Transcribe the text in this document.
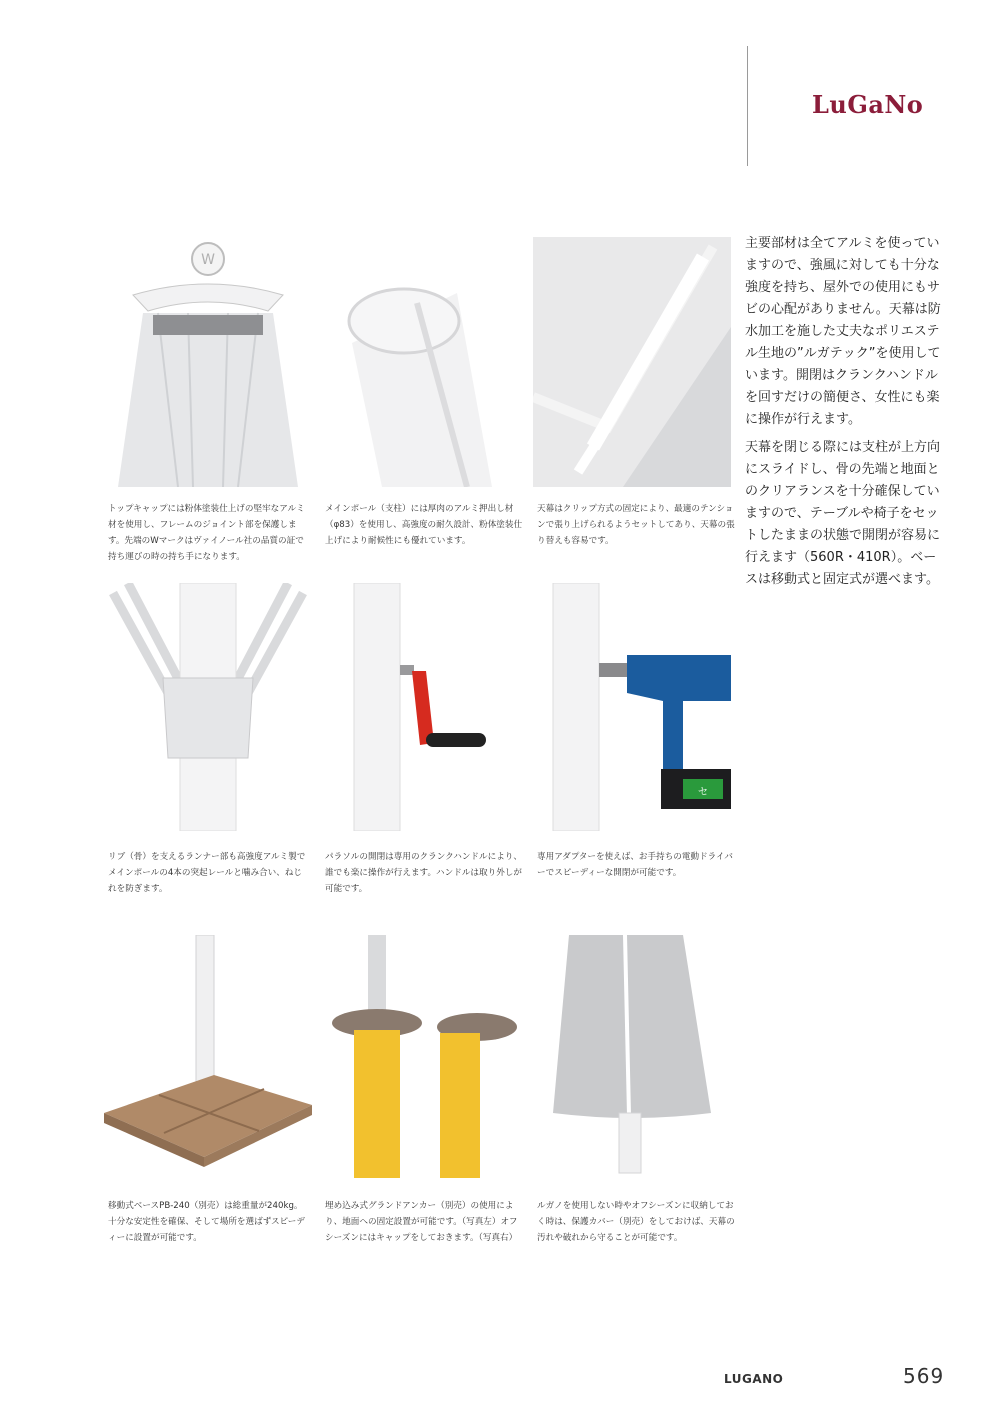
LuGaNo

主要部材は全てアルミを使っていますので、強風に対しても十分な強度を持ち、屋外での使用にもサビの心配がありません。天幕は防水加工を施した丈夫なポリエステル生地の”ルガテック”を使用しています。開閉はクランクハンドルを回すだけの簡便さ、女性にも楽に操作が行えます。

天幕を閉じる際には支柱が上方向にスライドし、骨の先端と地面とのクリアランスを十分確保していますので、テーブルや椅子をセットしたままの状態で開閉が容易に行えます（560R・410R）。ベースは移動式と固定式が選べます。

W
トップキャップには粉体塗装仕上げの堅牢なアルミ材を使用し、フレームのジョイント部を保護します。先端のWマークはヴァイノール社の品質の証で持ち運びの時の持ち手になります。
メインポール（支柱）には厚肉のアルミ押出し材（φ83）を使用し、高強度の耐久設計、粉体塗装仕上げにより耐候性にも優れています。
天幕はクリップ方式の固定により、最適のテンションで張り上げられるようセットしてあり、天幕の張り替えも容易です。
セ
リブ（骨）を支えるランナー部も高強度アルミ製でメインポールの4本の突起レールと噛み合い、ねじれを防ぎます。
パラソルの開閉は専用のクランクハンドルにより、誰でも楽に操作が行えます。ハンドルは取り外しが可能です。
専用アダプターを使えば、お手持ちの電動ドライバーでスピーディーな開閉が可能です。
移動式ベースPB-240（別売）は総重量が240kg。十分な安定性を確保、そして場所を選ばずスピーディーに設置が可能です。
埋め込み式グランドアンカー（別売）の使用により、地面への固定設置が可能です。（写真左）オフシーズンにはキャップをしておきます。（写真右）
ルガノを使用しない時やオフシーズンに収納しておく時は、保護カバー（別売）をしておけば、天幕の汚れや破れから守ることが可能です。
LUGANO	569
